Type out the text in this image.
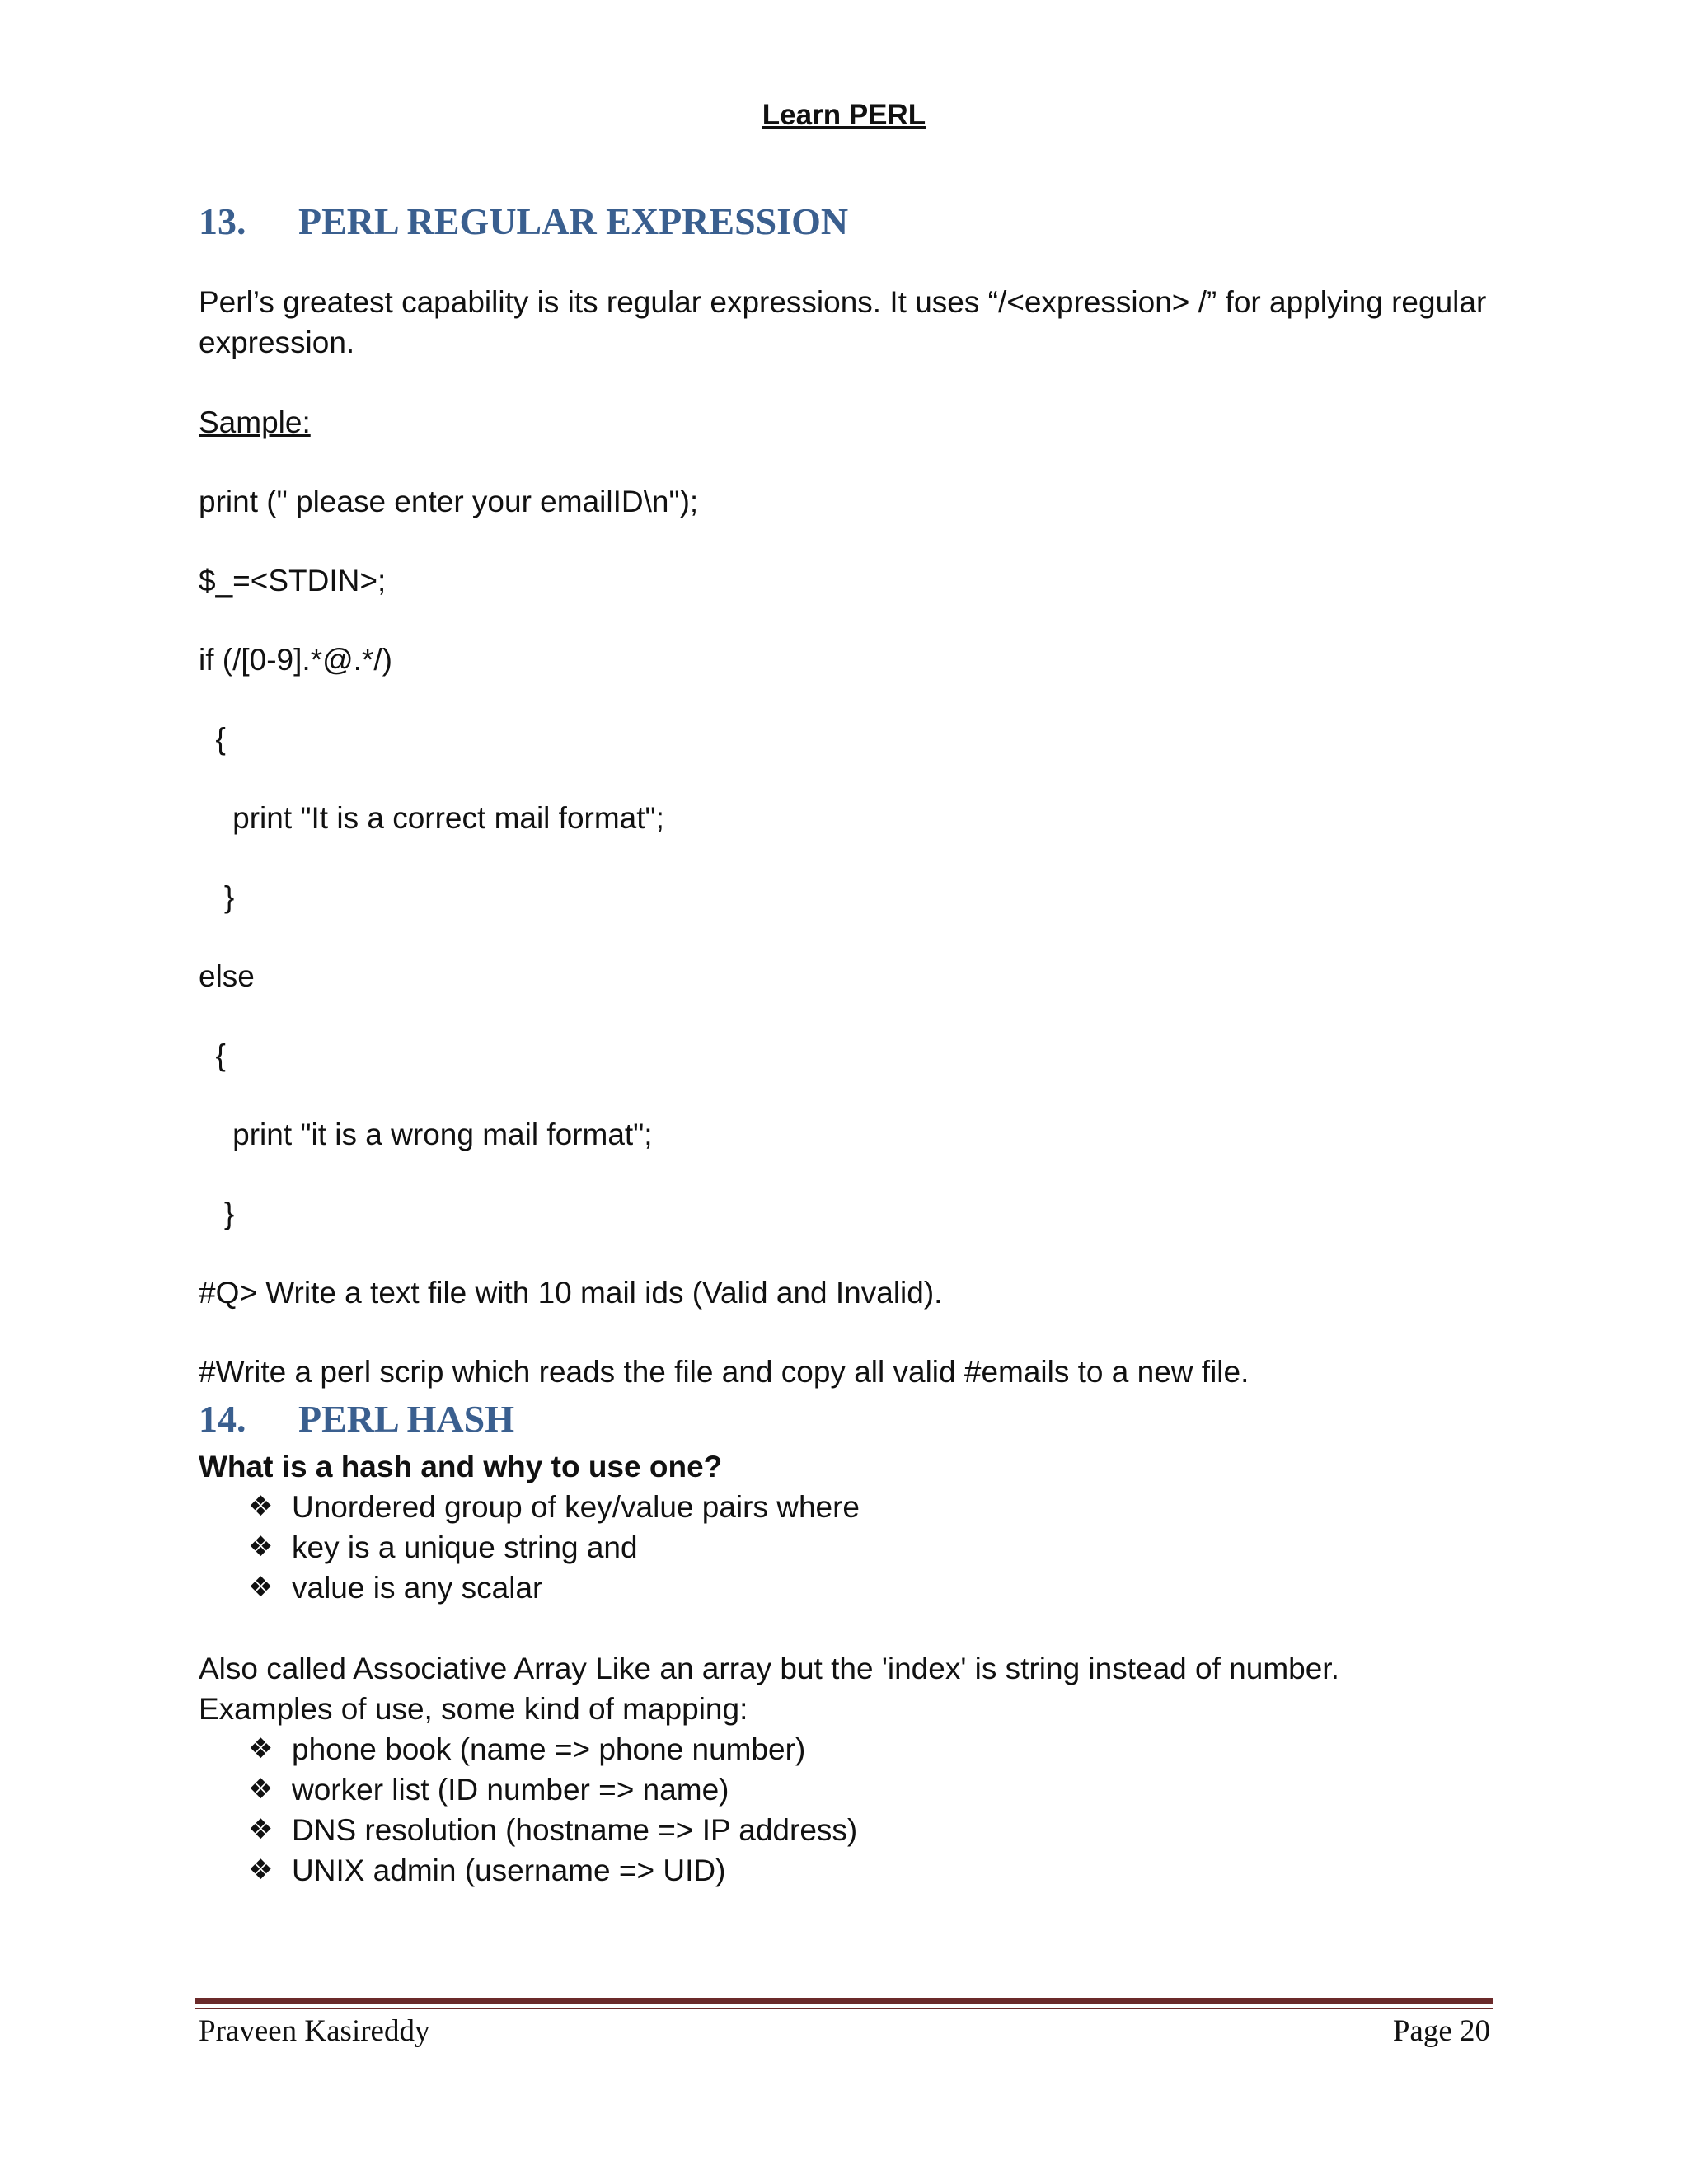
Learn PERL
13. PERL REGULAR EXPRESSION

Perl’s greatest capability is its regular expressions. It uses “/<expression> /” for applying regular expression.

Sample:

print (" please enter your emailID\n");

$_=<STDIN>;

if (/[0-9].*@.*/)

{

print "It is a correct mail format";

}

else

{

print "it is a wrong mail format";

}

#Q> Write a text file with 10 mail ids (Valid and Invalid).

#Write a perl scrip which reads the file and copy all valid #emails to a new file.

14. PERL HASH

What is a hash and why to use one?

❖ Unordered group of key/value pairs where
❖ key is a unique string and
❖ value is any scalar

Also called Associative Array Like an array but the 'index' is string instead of number.

Examples of use, some kind of mapping:

❖ phone book (name => phone number)
❖ worker list (ID number => name)
❖ DNS resolution (hostname => IP address)
❖ UNIX admin (username => UID)
Praveen Kasireddy	Page 20
